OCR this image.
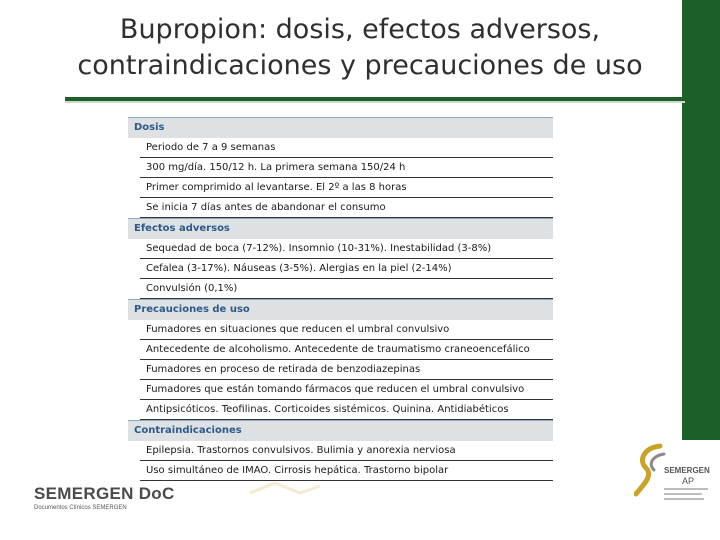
Bupropion: dosis, efectos adversos, contraindicaciones y precauciones de uso
Dosis
Periodo de 7 a 9 semanas
300 mg/día. 150/12 h. La primera semana 150/24 h
Primer comprimido al levantarse. El 2º a las 8 horas
Se inicia 7 días antes de abandonar el consumo
Efectos adversos
Sequedad de boca (7-12%). Insomnio (10-31%). Inestabilidad (3-8%)
Cefalea (3-17%). Náuseas (3-5%). Alergias en la piel (2-14%)
Convulsión (0,1%)
Precauciones de uso
Fumadores en situaciones que reducen el umbral convulsivo
Antecedente de alcoholismo. Antecedente de traumatismo craneoencefálico
Fumadores en proceso de retirada de benzodiazepinas
Fumadores que están tomando fármacos que reducen el umbral convulsivo
Antipsicóticos. Teofilinas. Corticoides sistémicos. Quinina. Antidiabéticos
Contraindicaciones
Epilepsia. Trastornos convulsivos. Bulimia y anorexia nerviosa
Uso simultáneo de IMAO. Cirrosis hepática. Trastorno bipolar
SEMERGEN DoC
Documentos Clínicos SEMERGEN
SEMERGEN
AP
